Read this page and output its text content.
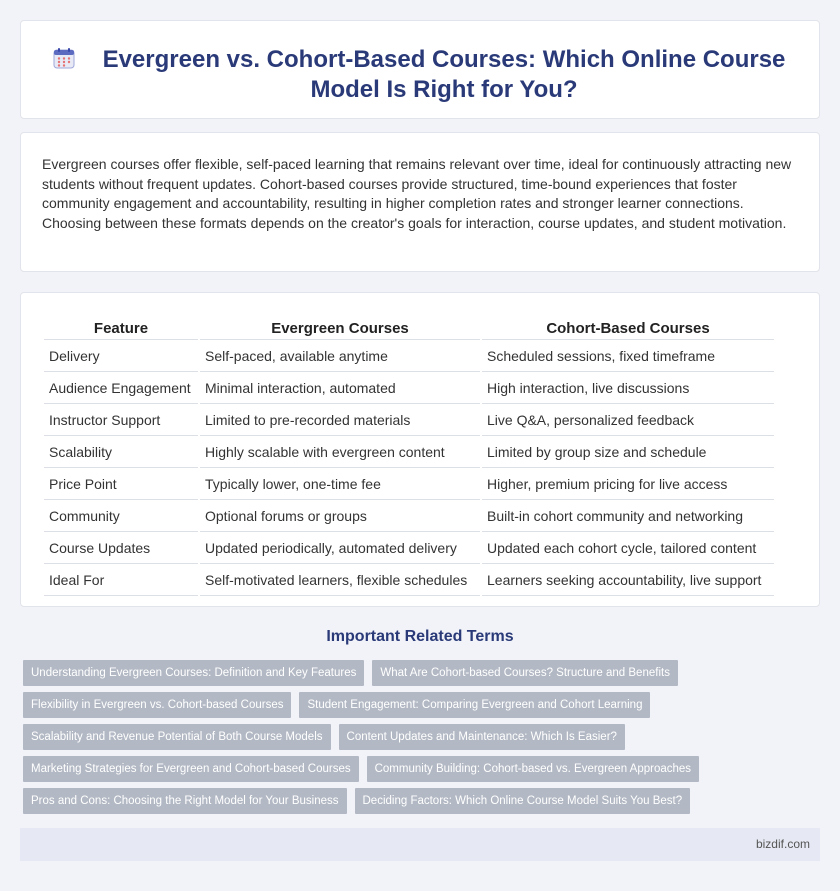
Evergreen vs. Cohort-Based Courses: Which Online Course Model Is Right for You?

Evergreen courses offer flexible, self-paced learning that remains relevant over time, ideal for continuously attracting new students without frequent updates. Cohort-based courses provide structured, time-bound experiences that foster community engagement and accountability, resulting in higher completion rates and stronger learner connections. Choosing between these formats depends on the creator's goals for interaction, course updates, and student motivation.

Feature	Evergreen Courses	Cohort-Based Courses
Delivery	Self-paced, available anytime	Scheduled sessions, fixed timeframe
Audience Engagement	Minimal interaction, automated	High interaction, live discussions
Instructor Support	Limited to pre-recorded materials	Live Q&A, personalized feedback
Scalability	Highly scalable with evergreen content	Limited by group size and schedule
Price Point	Typically lower, one-time fee	Higher, premium pricing for live access
Community	Optional forums or groups	Built-in cohort community and networking
Course Updates	Updated periodically, automated delivery	Updated each cohort cycle, tailored content
Ideal For	Self-motivated learners, flexible schedules	Learners seeking accountability, live support
Important Related Terms
Understanding Evergreen Courses: Definition and Key Features	What Are Cohort-based Courses? Structure and Benefits
Flexibility in Evergreen vs. Cohort-based Courses	Student Engagement: Comparing Evergreen and Cohort Learning
Scalability and Revenue Potential of Both Course Models	Content Updates and Maintenance: Which Is Easier?
Marketing Strategies for Evergreen and Cohort-based Courses	Community Building: Cohort-based vs. Evergreen Approaches
Pros and Cons: Choosing the Right Model for Your Business	Deciding Factors: Which Online Course Model Suits You Best?
bizdif.com
